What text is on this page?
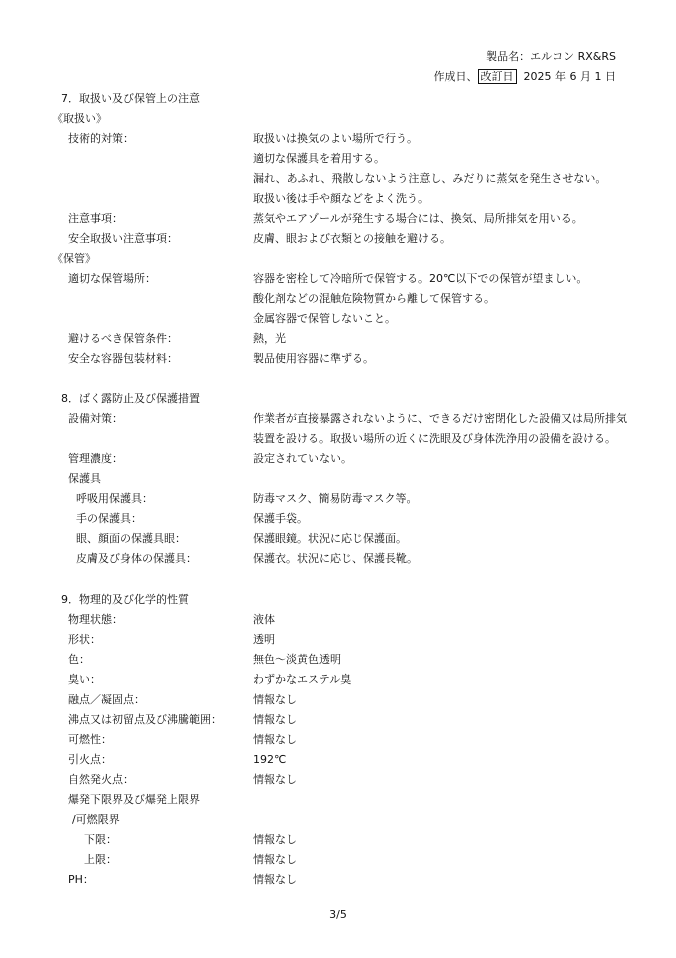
製品名：エルコン RX&RS
作成日、 改訂日 2025 年 6 月 1 日
7．取扱い及び保管上の注意
《取扱い》
技術的対策：	取扱いは換気のよい場所で行う。
適切な保護具を着用する。
漏れ、あふれ、飛散しないよう注意し、みだりに蒸気を発生させない。
取扱い後は手や顔などをよく洗う。
注意事項：	蒸気やエアゾールが発生する場合には、換気、局所排気を用いる。
安全取扱い注意事項：	皮膚、眼および衣類との接触を避ける。
《保管》
適切な保管場所：	容器を密栓して冷暗所で保管する。20℃以下での保管が望ましい。
酸化剤などの混触危険物質から離して保管する。
金属容器で保管しないこと。
避けるべき保管条件：	熱，光
安全な容器包装材料：	製品使用容器に準ずる。
8．ばく露防止及び保護措置
設備対策：	作業者が直接暴露されないように、できるだけ密閉化した設備又は局所排気
装置を設ける。取扱い場所の近くに洗眼及び身体洗浄用の設備を設ける。
管理濃度：	設定されていない。
保護具
呼吸用保護具：	防毒マスク、簡易防毒マスク等。
手の保護具：	保護手袋。
眼、顔面の保護具眼：	保護眼鏡。状況に応じ保護面。
皮膚及び身体の保護具：	保護衣。状況に応じ、保護長靴。
9．物理的及び化学的性質
物理状態：	液体
形状：	透明
色：	無色～淡黄色透明
臭い：	わずかなエステル臭
融点／凝固点：	情報なし
沸点又は初留点及び沸騰範囲：	情報なし
可燃性：	情報なし
引火点：	192℃
自然発火点：	情報なし
爆発下限界及び爆発上限界
/可燃限界
下限：	情報なし
上限：	情報なし
PH：	情報なし
3/5
